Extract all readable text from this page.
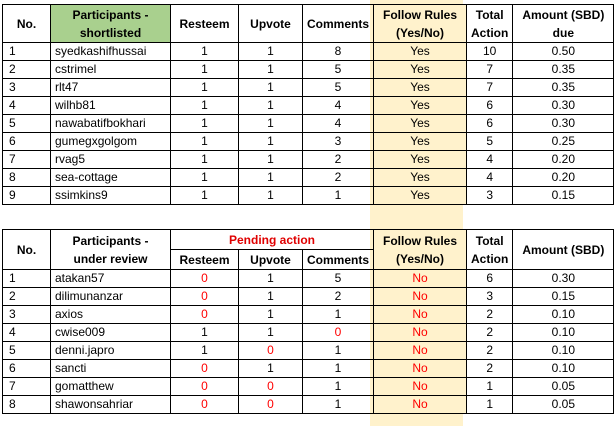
No.	Participants - shortlisted	Resteem	Upvote	Comments	Follow Rules (Yes/No)	Total Action	Amount (SBD) due
1	syedkashifhussai	1	1	8	Yes	10	0.50
2	cstrimel	1	1	5	Yes	7	0.35
3	rlt47	1	1	5	Yes	7	0.35
4	wilhb81	1	1	4	Yes	6	0.30
5	nawabatifbokhari	1	1	4	Yes	6	0.30
6	gumegxgolgom	1	1	3	Yes	5	0.25
7	rvag5	1	1	2	Yes	4	0.20
8	sea-cottage	1	1	2	Yes	4	0.20
9	ssimkins9	1	1	1	Yes	3	0.15
No.	Participants - under review	Pending action			Follow Rules (Yes/No)	Total Action	Amount (SBD)
		Resteem	Upvote	Comments			
1	atakan57	0	1	5	No	6	0.30
2	dilimunanzar	0	1	2	No	3	0.15
3	axios	0	1	1	No	2	0.10
4	cwise009	1	1	0	No	2	0.10
5	denni.japro	1	0	1	No	2	0.10
6	sancti	0	1	1	No	2	0.10
7	gomatthew	0	0	1	No	1	0.05
8	shawonsahriar	0	0	1	No	1	0.05
